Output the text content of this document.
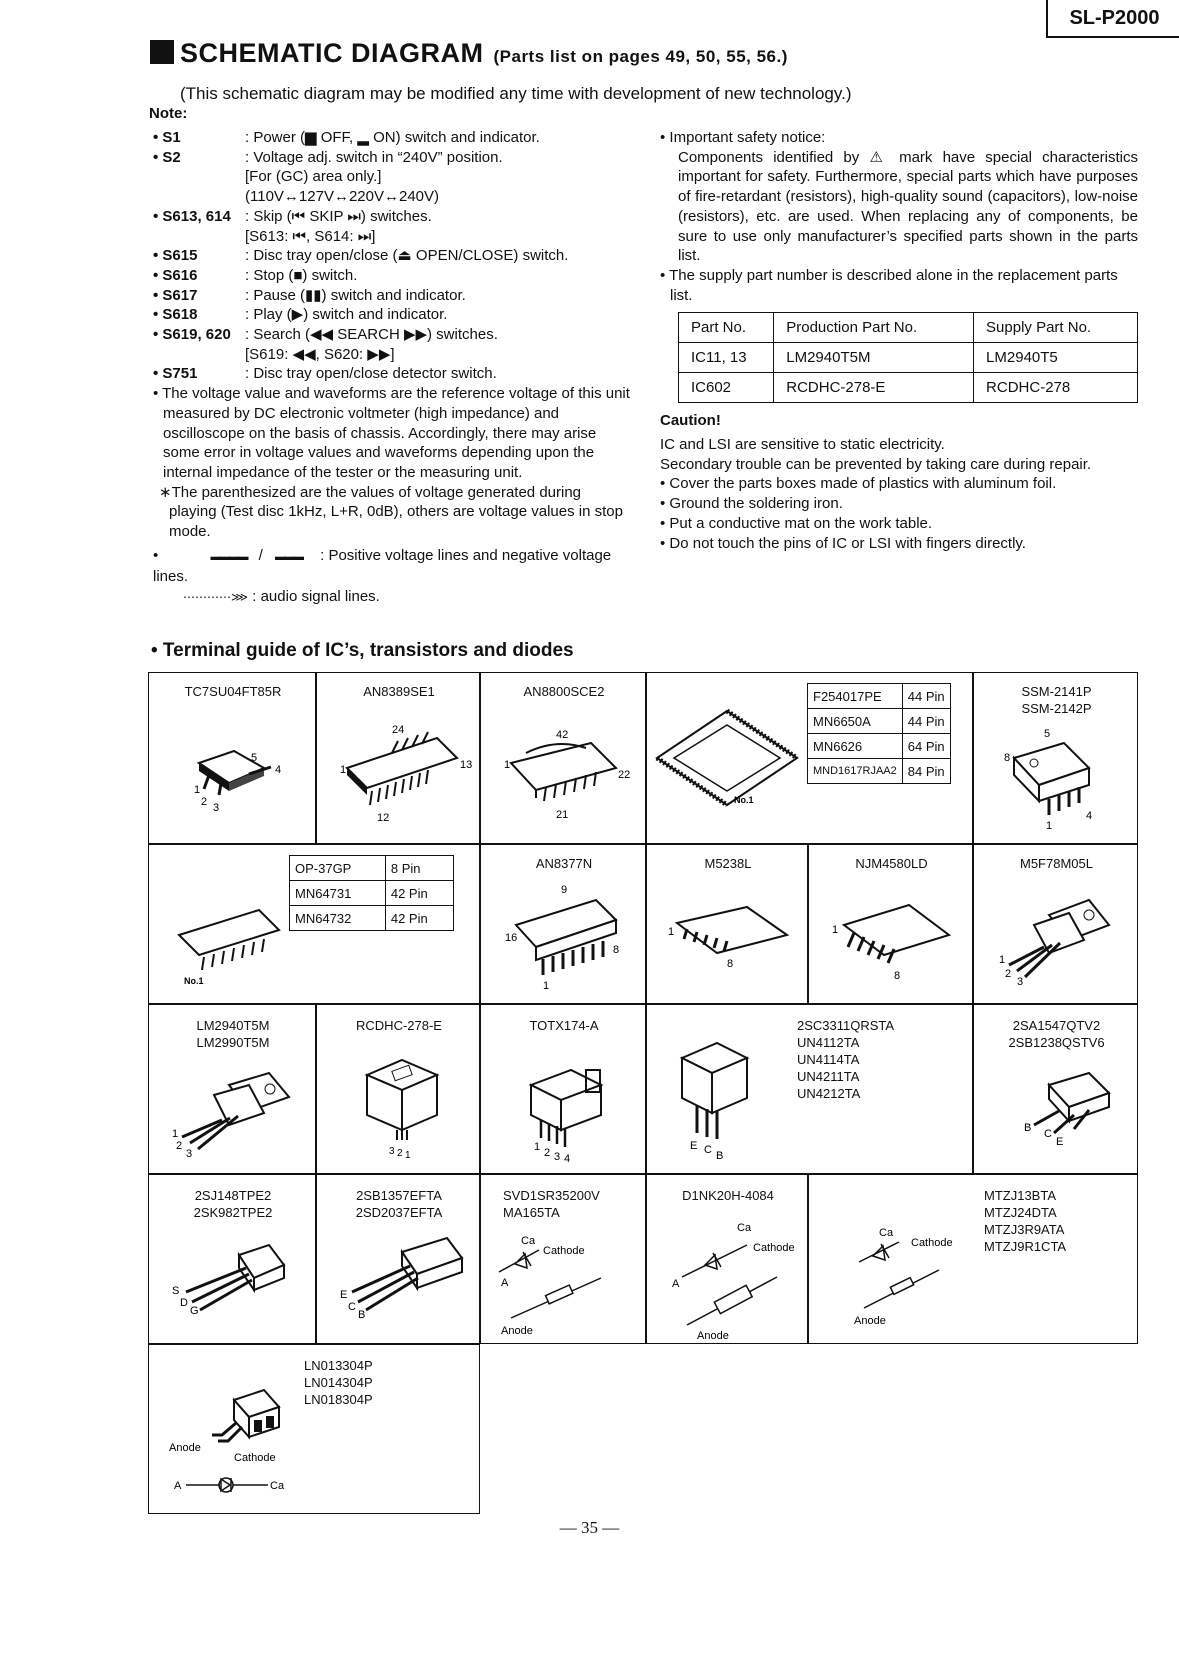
SL-P2000
SCHEMATIC DIAGRAM (Parts list on pages 49, 50, 55, 56.)
(This schematic diagram may be modified any time with development of new technology.)
Note:
• S1	: Power (▆ OFF, ▂ ON) switch and indicator.
• S2	: Voltage adj. switch in “240V” position.
[For (GC) area only.]
(110V↔127V↔220V↔240V)
• S613, 614 : Skip (⏮ SKIP ⏭) switches.
[S613: ⏮, S614: ⏭]
• S615	: Disc tray open/close (⏏ OPEN/CLOSE) switch.
• S616	: Stop (■) switch.
• S617	: Pause (▮▮) switch and indicator.
• S618	: Play (▶) switch and indicator.
• S619, 620 : Search (◀◀ SEARCH ▶▶) switches.
[S619: ◀◀, S620: ▶▶]
• S751	: Disc tray open/close detector switch.
• The voltage value and waveforms are the reference voltage of this unit measured by DC electronic voltmeter (high impedance) and oscilloscope on the basis of chassis. Accordingly, there may arise some error in voltage values and waveforms depending upon the internal impedance of the tester or the measuring unit.
∗The parenthesized are the values of voltage generated during playing (Test disc 1kHz, L+R, 0dB), others are voltage values in stop mode.
•	▬▬▬▬ / ▬▬▬ : Positive voltage lines and negative voltage lines.
⋯⋯⋯⋯⋙ : audio signal lines.
• Important safety notice:
Components identified by ⚠ mark have special characteristics important for safety. Furthermore, special parts which have purposes of fire-retardant (resistors), high-quality sound (capacitors), low-noise (resistors), etc. are used. When replacing any of components, be sure to use only manufacturer’s specified parts shown in the parts list.
• The supply part number is described alone in the replacement parts list.
Part No.	Production Part No.	Supply Part No.
IC11, 13	LM2940T5M	LM2940T5
IC602	RCDHC-278-E	RCDHC-278
Caution!
IC and LSI are sensitive to static electricity.
Secondary trouble can be prevented by taking care during repair.
• Cover the parts boxes made of plastics with aluminum foil.
• Ground the soldering iron.
• Put a conductive mat on the work table.
• Do not touch the pins of IC or LSI with fingers directly.
• Terminal guide of IC’s, transistors and diodes
TC7SU04FT85R
1
2 3
4
5
AN8389SE1
1
24
13
12
AN8800SCE2
1
42
22
21
No.1
F254017PE	44 Pin
MN6650A	44 Pin
MN6626	64 Pin
MND1617RJAA2	84 Pin
SSM-2141P
SSM-2142P
8
5
4
1
No.1
OP-37GP	8 Pin
MN64731	42 Pin
MN64732	42 Pin
AN8377N
16
9
8
1
M5238L
1
8
NJM4580LD
1
8
M5F78M05L
1
2
3
LM2940T5M
LM2990T5M
1
2
3
RCDHC-278-E
3 2 1
TOTX174-A
1 2 3 4
E C B
2SC3311QRSTA
UN4112TA
UN4114TA
UN4211TA
UN4212TA
2SA1547QTV2
2SB1238QSTV6
B C
E
2SJ148TPE2
2SK982TPE2
S
D
G
2SB1357EFTA
2SD2037EFTA
E
C
B
SVD1SR35200V
MA165TA
Ca
Cathode
A
Anode
D1NK20H-4084
Ca
Cathode
A
Anode
Ca
Cathode
Anode
MTZJ13BTA
MTZJ24DTA
MTZJ3R9ATA
MTZJ9R1CTA
Anode
Cathode
A	Ca
LN013304P
LN014304P
LN018304P
— 35 —
